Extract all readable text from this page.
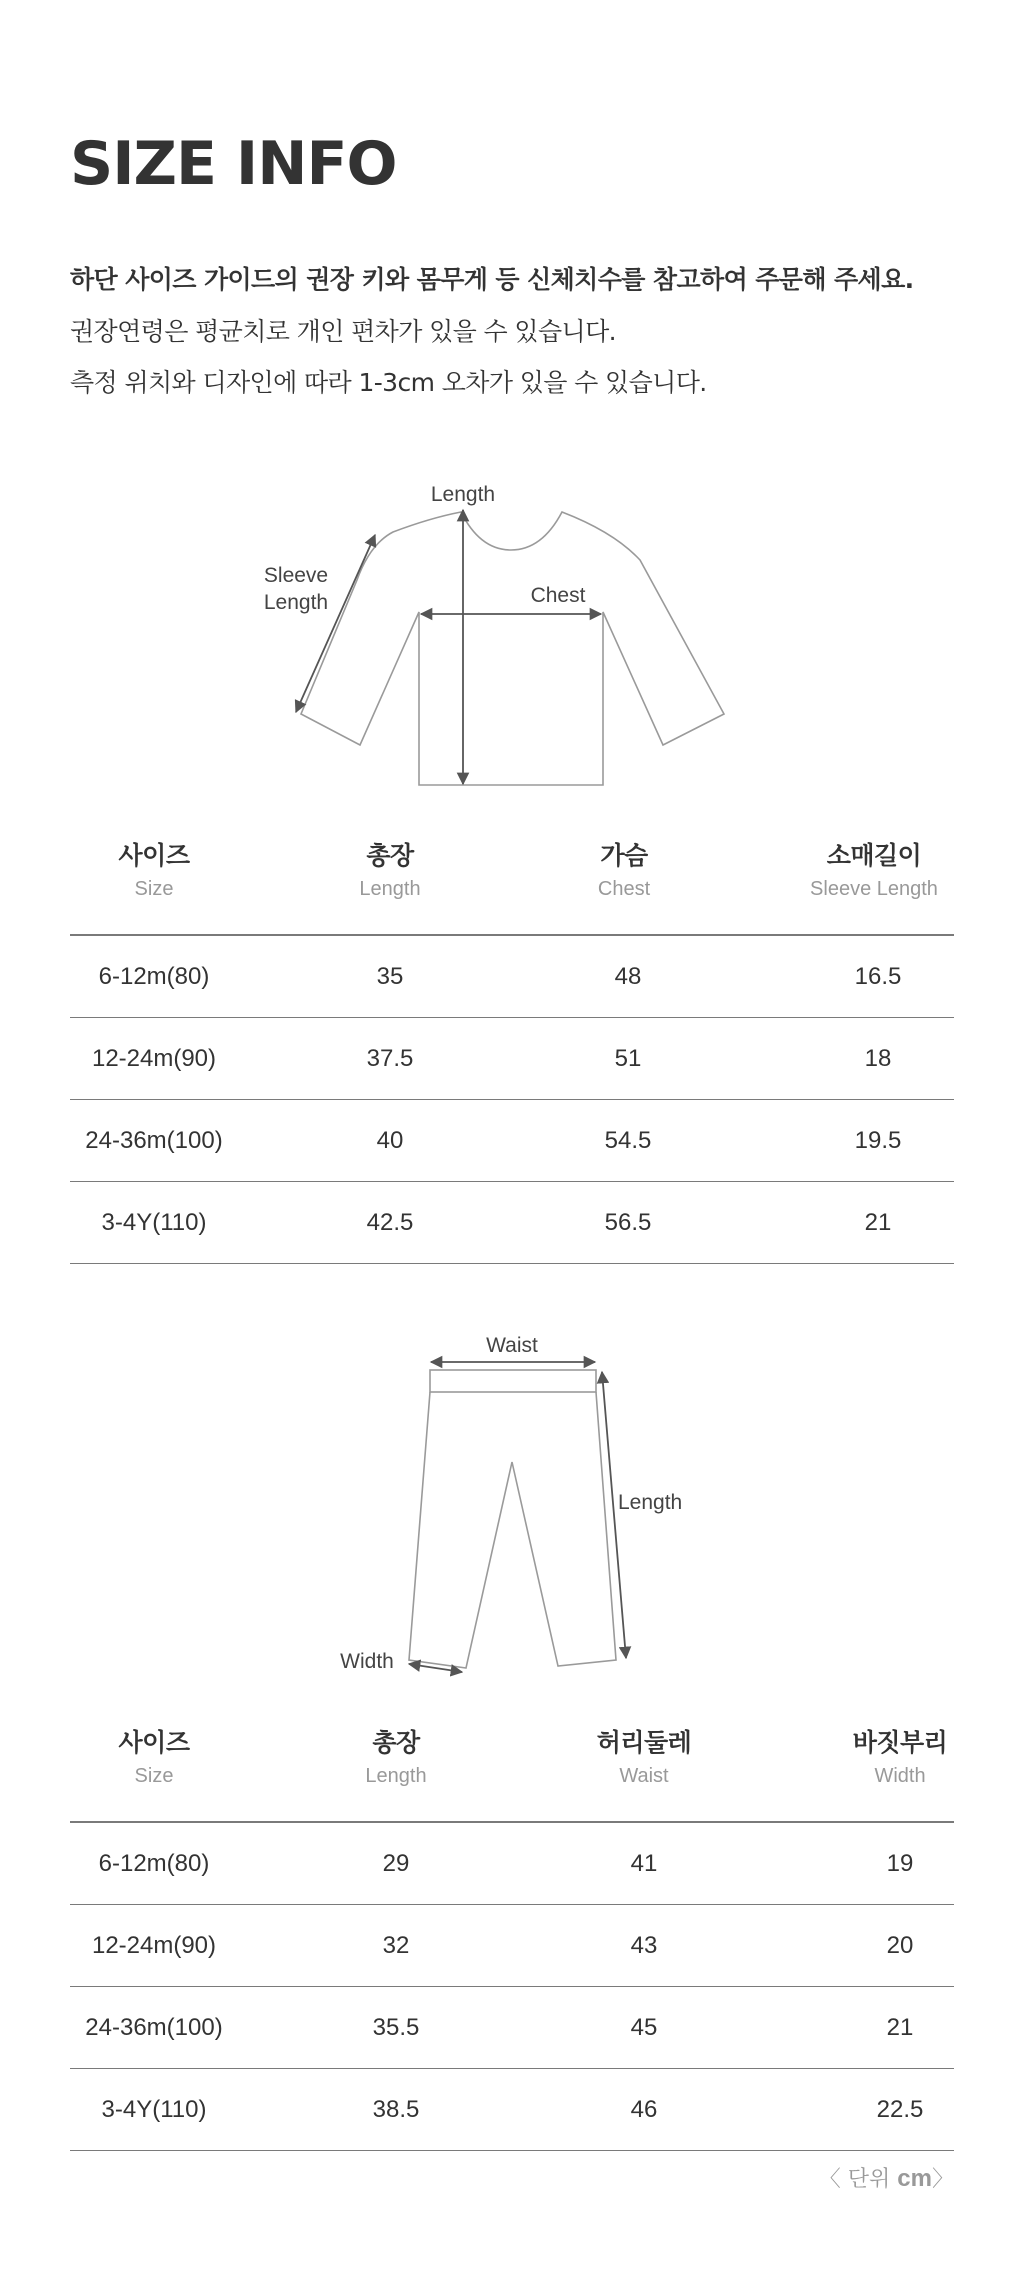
SIZE INFO

하단 사이즈 가이드의 권장 키와 몸무게 등 신체치수를 참고하여 주문해 주세요.

권장연령은 평균치로 개인 편차가 있을 수 있습니다.

측정 위치와 디자인에 따라 1-3cm 오차가 있을 수 있습니다.

Length
Chest
Sleeve
Length
사이즈
Size
총장
Length
가슴
Chest
소매길이
Sleeve Length
6-12m(80)	35	48	16.5
12-24m(90)	37.5	51	18
24-36m(100)	40	54.5	19.5
3-4Y(110)	42.5	56.5	21
Waist
Length
Width
사이즈
Size
총장
Length
허리둘레
Waist
바짓부리
Width
6-12m(80)	29	41	19
12-24m(90)	32	43	20
24-36m(100)	35.5	45	21
3-4Y(110)	38.5	46	22.5
〈 단위 cm〉
